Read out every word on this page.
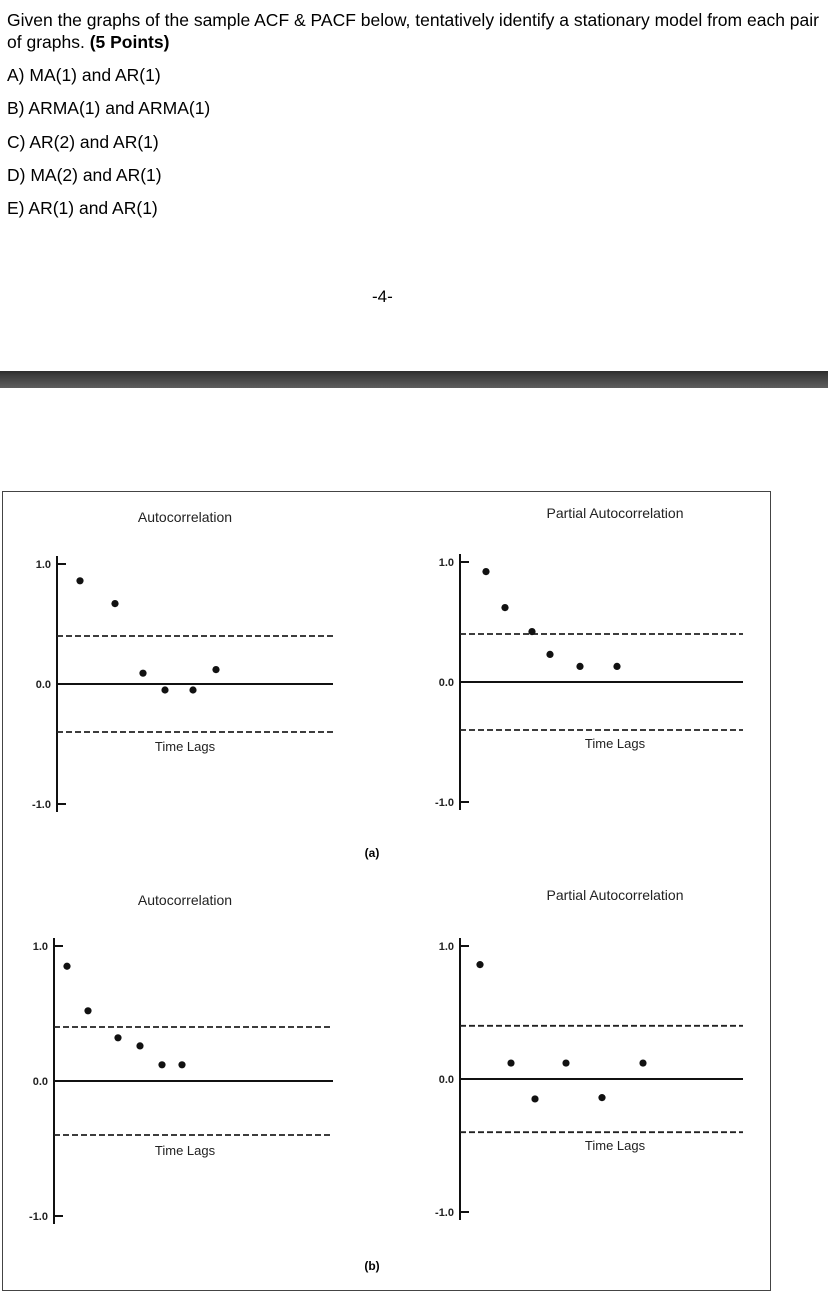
Given the graphs of the sample ACF & PACF below, tentatively identify a stationary model from each pair of graphs. (5 Points)
A) MA(1) and AR(1)
B) ARMA(1) and ARMA(1)
C) AR(2) and AR(1)
D) MA(2) and AR(1)
E) AR(1) and AR(1)
-4-
(a)
(b)
Autocorrelation
1.0
0.0
-1.0
Time Lags
Partial Autocorrelation
1.0
0.0
-1.0
Time Lags
Autocorrelation
1.0
0.0
-1.0
Time Lags
Partial Autocorrelation
1.0
0.0
-1.0
Time Lags
